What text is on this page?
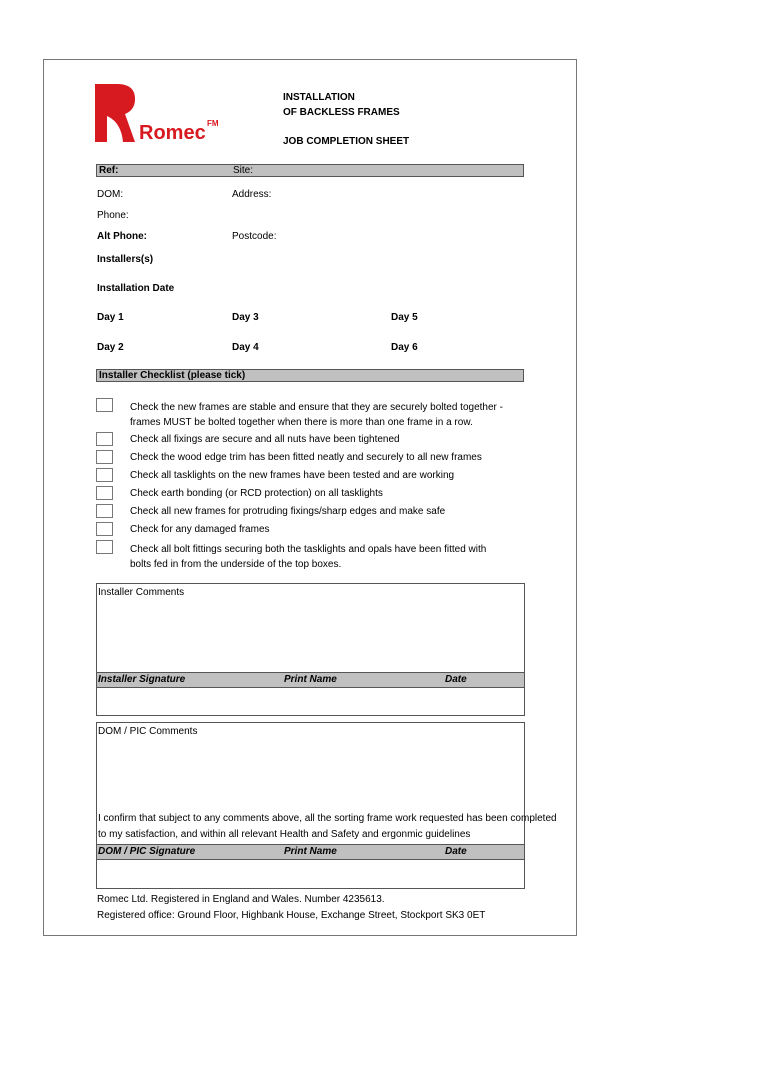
Romec FM
INSTALLATION
OF BACKLESS FRAMES
JOB COMPLETION SHEET
Ref:	Site:
DOM:	Address:
Phone:
Alt Phone:	Postcode:
Installers(s)
Installation Date
Day 1	Day 3	Day 5
Day 2	Day 4	Day 6
Installer Checklist (please tick)
Check the new frames are stable and ensure that they are securely bolted together -
frames MUST be bolted together when there is more than one frame in a row.
Check all fixings are secure and all nuts have been tightened
Check the wood edge trim has been fitted neatly and securely to all new frames
Check all tasklights on the new frames have been tested and are working
Check earth bonding (or RCD protection) on all tasklights
Check all new frames for protruding fixings/sharp edges and make safe
Check for any damaged frames
Check all bolt fittings securing both the tasklights and opals have been fitted with
bolts fed in from the underside of the top boxes.
Installer Comments
Installer Signature	Print Name	Date
DOM / PIC Comments
I confirm that subject to any comments above, all the sorting frame work requested has been completed
to my satisfaction, and within all relevant Health and Safety and ergonmic guidelines
DOM / PIC Signature	Print Name	Date
Romec Ltd. Registered in England and Wales. Number 4235613.
Registered office: Ground Floor, Highbank House, Exchange Street, Stockport SK3 0ET
